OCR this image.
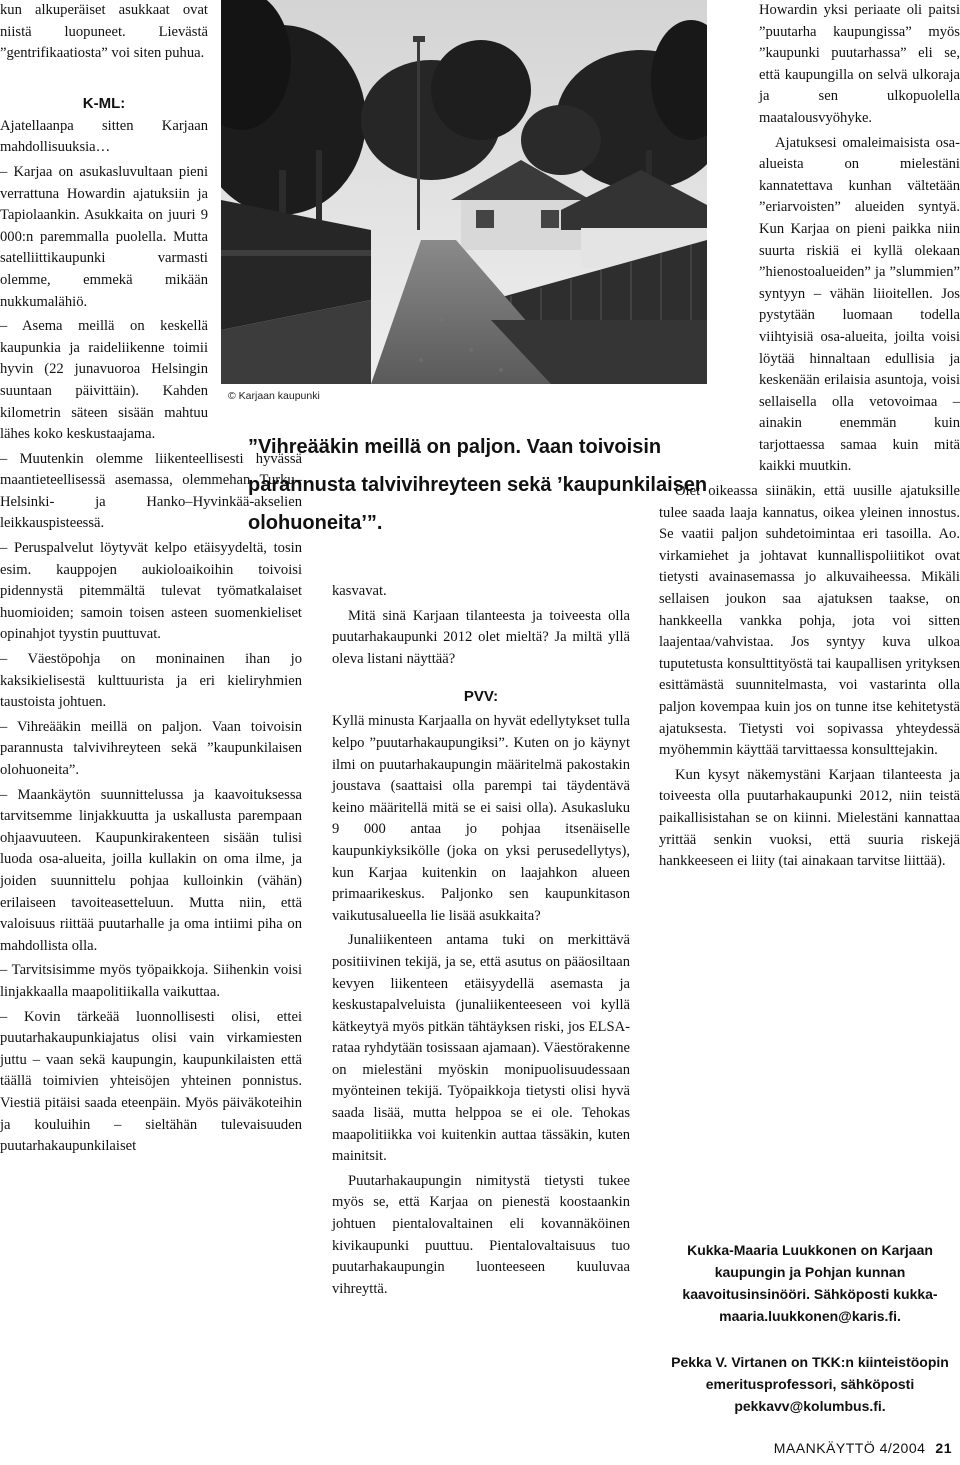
kun alkuperäiset asukkaat ovat niistä luopuneet. Lievästä ”gentrifikaatiosta” voi siten puhua.

K-ML:

Ajatellaanpa sitten Karjaan mahdollisuuksia…

– Karjaa on asukasluvultaan pieni verrattuna Howardin ajatuksiin ja Tapiolaankin. Asukkaita on juuri 9 000:n paremmalla puolella. Mutta satelliittikaupunki varmasti olemme, emmekä mikään nukkumalähiö.

– Asema meillä on keskellä kaupunkia ja raideliikenne toimii hyvin (22 junavuoroa Helsingin suuntaan päivittäin). Kahden kilometrin säteen sisään mahtuu lähes koko keskustaajama.

– Muutenkin olemme liikenteellisesti hyvässä maantieteellisessä asemassa, olemmehan Turku–Helsinki- ja Hanko–Hyvinkää-akselien leikkauspisteessä.

– Peruspalvelut löytyvät kelpo etäisyydeltä, tosin esim. kauppojen aukioloaikoihin toivoisi pidennystä pitemmältä tulevat työmatkalaiset huomioiden; samoin toisen asteen suomenkieliset opinahjot tyystin puuttuvat.

– Väestöpohja on moninainen ihan jo kaksikielisestä kulttuurista ja eri kieliryhmien taustoista johtuen.

– Vihreääkin meillä on paljon. Vaan toivoisin parannusta talvivihreyteen sekä ”kaupunkilaisen olohuoneita”.

– Maankäytön suunnittelussa ja kaavoituksessa tarvitsemme linjakkuutta ja uskallusta parempaan ohjaavuuteen. Kaupunkirakenteen sisään tulisi luoda osa-alueita, joilla kullakin on oma ilme, ja joiden suunnittelu pohjaa kulloinkin (vähän) erilaiseen tavoiteasetteluun. Mutta niin, että valoisuus riittää puutarhalle ja oma intiimi piha on mahdollista olla.

– Tarvitsisimme myös työpaikkoja. Siihenkin voisi linjakkaalla maapolitiikalla vaikuttaa.

– Kovin tärkeää luonnollisesti olisi, ettei puutarhakaupunkiajatus olisi vain virkamiesten juttu – vaan sekä kaupungin, kaupunkilaisten että täällä toimivien yhteisöjen yhteinen ponnistus. Viestiä pitäisi saada eteenpäin. Myös päiväkoteihin ja kouluihin – sieltähän tulevaisuuden puutarhakaupunkilaiset

© Karjaan kaupunki

”Vihreääkin meillä on paljon. Vaan toivoisin parannusta talvivihreyteen sekä ’kaupunkilaisen olohuoneita’”.

kasvavat.

Mitä sinä Karjaan tilanteesta ja toiveesta olla puutarhakaupunki 2012 olet mieltä? Ja miltä yllä oleva listani näyttää?

PVV:

Kyllä minusta Karjaalla on hyvät edellytykset tulla kelpo ”puutarhakaupungiksi”. Kuten on jo käynyt ilmi on puutarhakaupungin määritelmä pakostakin joustava (saattaisi olla parempi tai täydentävä keino määritellä mitä se ei saisi olla). Asukasluku 9 000 antaa jo pohjaa itsenäiselle kaupunkiyksikölle (joka on yksi perusedellytys), kun Karjaa kuitenkin on laajahkon alueen primaarikeskus. Paljonko sen kaupunkitason vaikutusalueella lie lisää asukkaita?

Junaliikenteen antama tuki on merkittävä positiivinen tekijä, ja se, että asutus on pääosiltaan kevyen liikenteen etäisyydellä asemasta ja keskustapalveluista (junaliikenteeseen voi kyllä kätkeytyä myös pitkän tähtäyksen riski, jos ELSA-rataa ryhdytään tosissaan ajamaan). Väestörakenne on mielestäni myöskin monipuolisuudessaan myönteinen tekijä. Työpaikkoja tietysti olisi hyvä saada lisää, mutta helppoa se ei ole. Tehokas maapolitiikka voi kuitenkin auttaa tässäkin, kuten mainitsit.

Puutarhakaupungin nimitystä tietysti tukee myös se, että Karjaa on pienestä koostaankin johtuen pientalovaltainen eli kovannäköinen kivikaupunki puuttuu. Pientalovaltaisuus tuo puutarhakaupungin luonteeseen kuuluvaa vihreyttä.

Howardin yksi periaate oli paitsi ”puutarha kaupungissa” myös ”kaupunki puutarhassa” eli se, että kaupungilla on selvä ulkoraja ja sen ulkopuolella maatalousvyöhyke.

Ajatuksesi omaleimaisista osa-alueista on mielestäni kannatettava kunhan vältetään ”eriarvoisten” alueiden syntyä. Kun Karjaa on pieni paikka niin suurta riskiä ei kyllä olekaan ”hienostoalueiden” ja ”slummien” syntyyn – vähän liioitellen. Jos pystytään luomaan todella viihtyisiä osa-alueita, joilta voisi löytää hinnaltaan edullisia ja keskenään erilaisia asuntoja, voisi sellaisella olla vetovoimaa – ainakin enemmän kuin tarjottaessa samaa kuin mitä kaikki muutkin.

Olet oikeassa siinäkin, että uusille ajatuksille tulee saada laaja kannatus, oikea yleinen innostus. Se vaatii paljon suhdetoimintaa eri tasoilla. Ao. virkamiehet ja johtavat kunnallispoliitikot ovat tietysti avainasemassa jo alkuvaiheessa. Mikäli sellaisen joukon saa ajatuksen taakse, on hankkeella vankka pohja, jota voi sitten laajentaa/vahvistaa. Jos syntyy kuva ulkoa tuputetusta konsulttityöstä tai kaupallisen yrityksen esittämästä suunnitelmasta, voi vastarinta olla paljon kovempaa kuin jos on tunne itse kehitetystä ajatuksesta. Tietysti voi sopivassa yhteydessä myöhemmin käyttää tarvittaessa konsulttejakin.

Kun kysyt näkemystäni Karjaan tilanteesta ja toiveesta olla puutarhakaupunki 2012, niin teistä paikallisistahan se on kiinni. Mielestäni kannattaa yrittää senkin vuoksi, että suuria riskejä hankkeeseen ei liity (tai ainakaan tarvitse liittää).

Kukka-Maaria Luukkonen on Karjaan kaupungin ja Pohjan kunnan kaavoitusinsinööri. Sähköposti kukka-maaria.luukkonen@karis.fi.

Pekka V. Virtanen on TKK:n kiinteistöopin emeritusprofessori, sähköposti pekkavv@kolumbus.fi.

MAANKÄYTTÖ 4/2004 21
